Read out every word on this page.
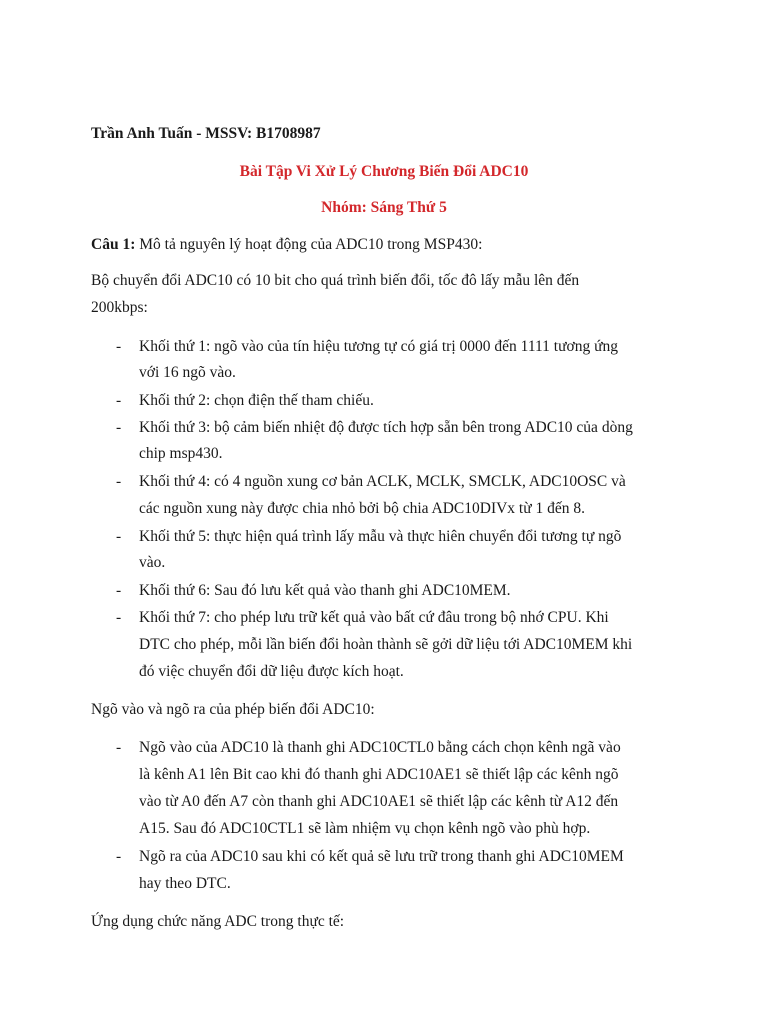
Trần Anh Tuấn - MSSV: B1708987
Bài Tập Vi Xử Lý Chương Biến Đổi ADC10
Nhóm: Sáng Thứ 5
Câu 1: Mô tả nguyên lý hoạt động của ADC10 trong MSP430:
Bộ chuyển đổi ADC10 có 10 bit cho quá trình biến đổi, tốc đô lấy mẫu lên đến
200kbps:
- Khối thứ 1: ngõ vào của tín hiệu tương tự có giá trị 0000 đến 1111 tương ứng
với 16 ngõ vào.
- Khối thứ 2: chọn điện thế tham chiếu.
- Khối thứ 3: bộ cảm biến nhiệt độ được tích hợp sẵn bên trong ADC10 của dòng
chip msp430.
- Khối thứ 4: có 4 nguồn xung cơ bản ACLK, MCLK, SMCLK, ADC10OSC và
các nguồn xung này được chia nhỏ bởi bộ chia ADC10DIVx từ 1 đến 8.
- Khối thứ 5: thực hiện quá trình lấy mẫu và thực hiên chuyển đổi tương tự ngõ
vào.
- Khối thứ 6: Sau đó lưu kết quả vào thanh ghi ADC10MEM.
- Khối thứ 7: cho phép lưu trữ kết quả vào bất cứ đâu trong bộ nhớ CPU. Khi
DTC cho phép, mỗi lần biến đổi hoàn thành sẽ gởi dữ liệu tới ADC10MEM khi
đó việc chuyển đổi dữ liệu được kích hoạt.
Ngõ vào và ngõ ra của phép biến đổi ADC10:
- Ngõ vào của ADC10 là thanh ghi ADC10CTL0 bằng cách chọn kênh ngã vào
là kênh A1 lên Bit cao khi đó thanh ghi ADC10AE1 sẽ thiết lập các kênh ngõ
vào từ A0 đến A7 còn thanh ghi ADC10AE1 sẽ thiết lập các kênh từ A12 đến
A15. Sau đó ADC10CTL1 sẽ làm nhiệm vụ chọn kênh ngõ vào phù hợp.
- Ngõ ra của ADC10 sau khi có kết quả sẽ lưu trữ trong thanh ghi ADC10MEM
hay theo DTC.
Ứng dụng chức năng ADC trong thực tế:
